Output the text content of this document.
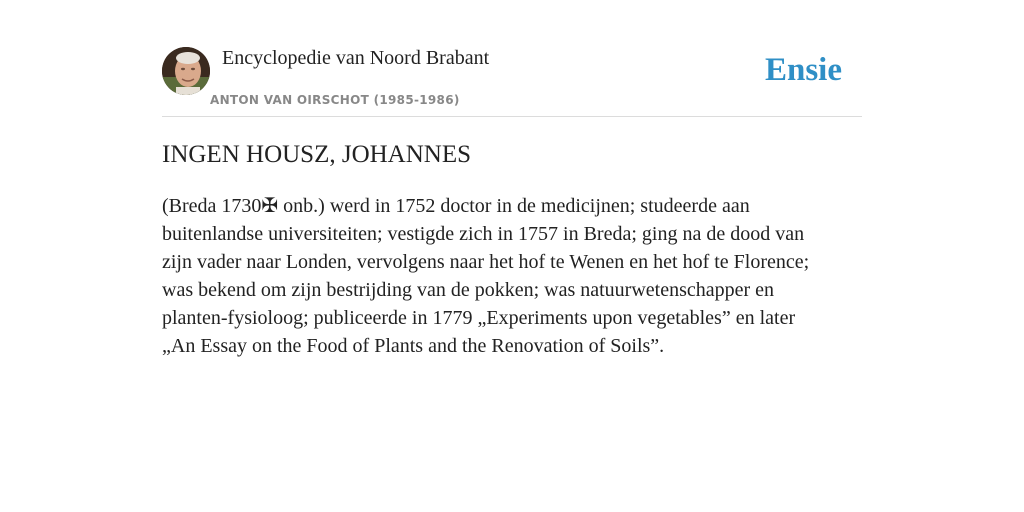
Encyclopedie van Noord Brabant
ANTON VAN OIRSCHOT (1985-1986)
Ensie
INGEN HOUSZ, JOHANNES

(Breda 1730✠ onb.) werd in 1752 doctor in de medicijnen; studeerde aan
buitenlandse universiteiten; vestigde zich in 1757 in Breda; ging na de dood van
zijn vader naar Londen, vervolgens naar het hof te Wenen en het hof te Florence;
was bekend om zijn bestrijding van de pokken; was natuurwetenschapper en
planten-fysioloog; publiceerde in 1779 „Experiments upon vegetables” en later
„An Essay on the Food of Plants and the Renovation of Soils”.
